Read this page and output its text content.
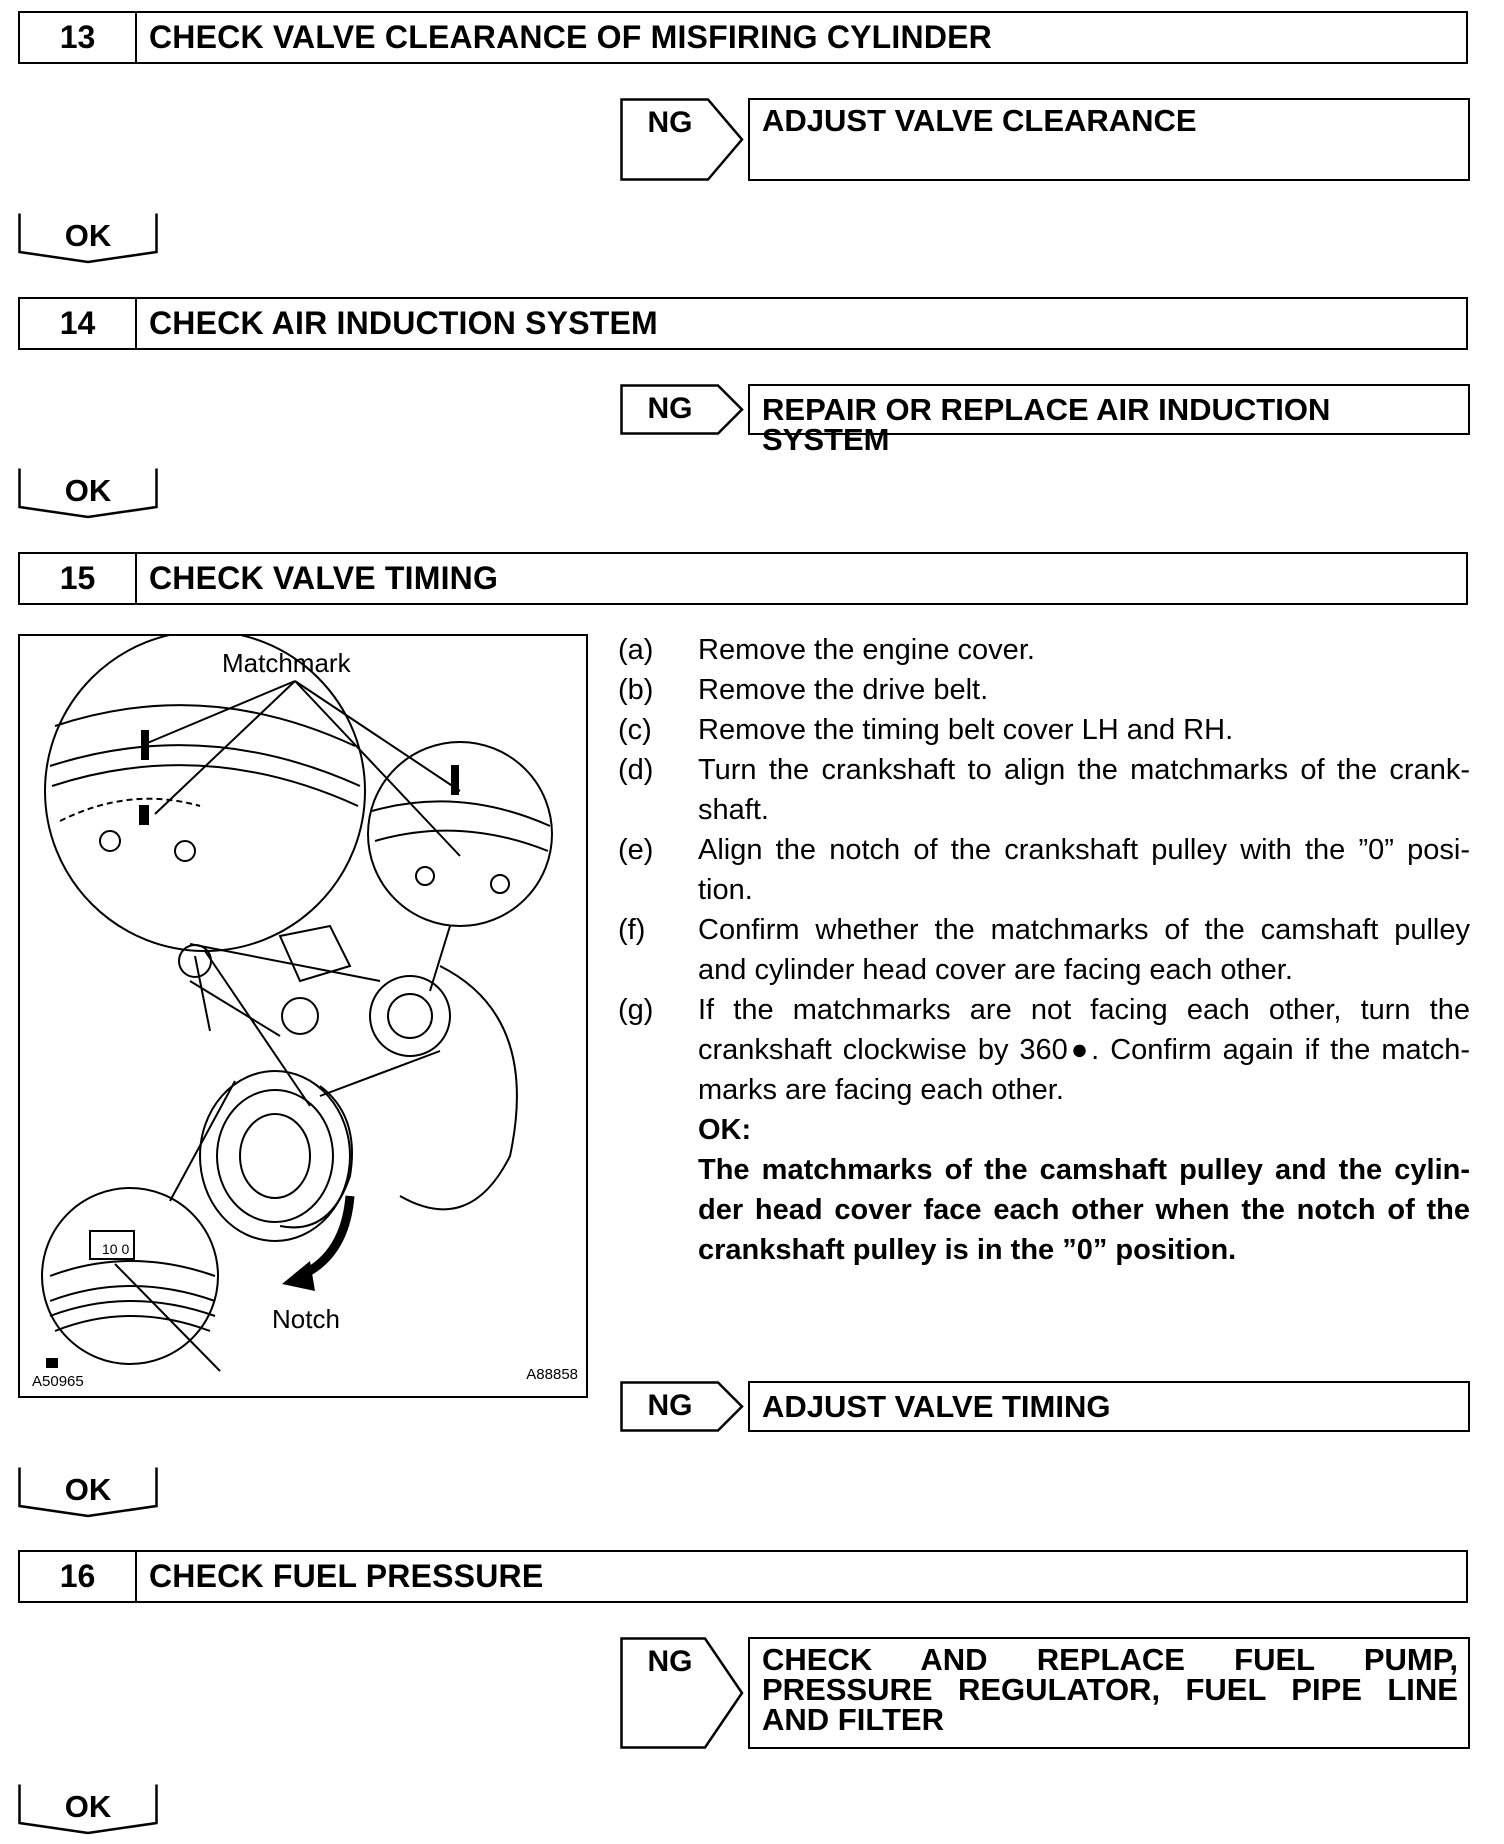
13	CHECK VALVE CLEARANCE OF MISFIRING CYLINDER
NG	ADJUST VALVE CLEARANCE
OK
14	CHECK AIR INDUCTION SYSTEM
NG	REPAIR OR REPLACE AIR INDUCTION SYSTEM
OK
15	CHECK VALVE TIMING
10 0
Matchmark
Notch
A50965	A88858
(a)	Remove the engine cover.
(b)	Remove the drive belt.
(c)	Remove the timing belt cover LH and RH.
(d)	Turn the crankshaft to align the matchmarks of the crank-shaft.
(e)	Align the notch of the crankshaft pulley with the ”0” posi-tion.
(f)	Confirm whether the matchmarks of the camshaft pulley and cylinder head cover are facing each other.
(g)	If the matchmarks are not facing each other, turn the crankshaft clockwise by 360●. Confirm again if the match-marks are facing each other.
OK:
The matchmarks of the camshaft pulley and the cylin-der head cover face each other when the notch of the crankshaft pulley is in the ”0” position.
NG	ADJUST VALVE TIMING
OK
16	CHECK FUEL PRESSURE
NG	CHECK AND REPLACE FUEL PUMP, PRESSURE REGULATOR, FUEL PIPE LINE AND FILTER
OK
